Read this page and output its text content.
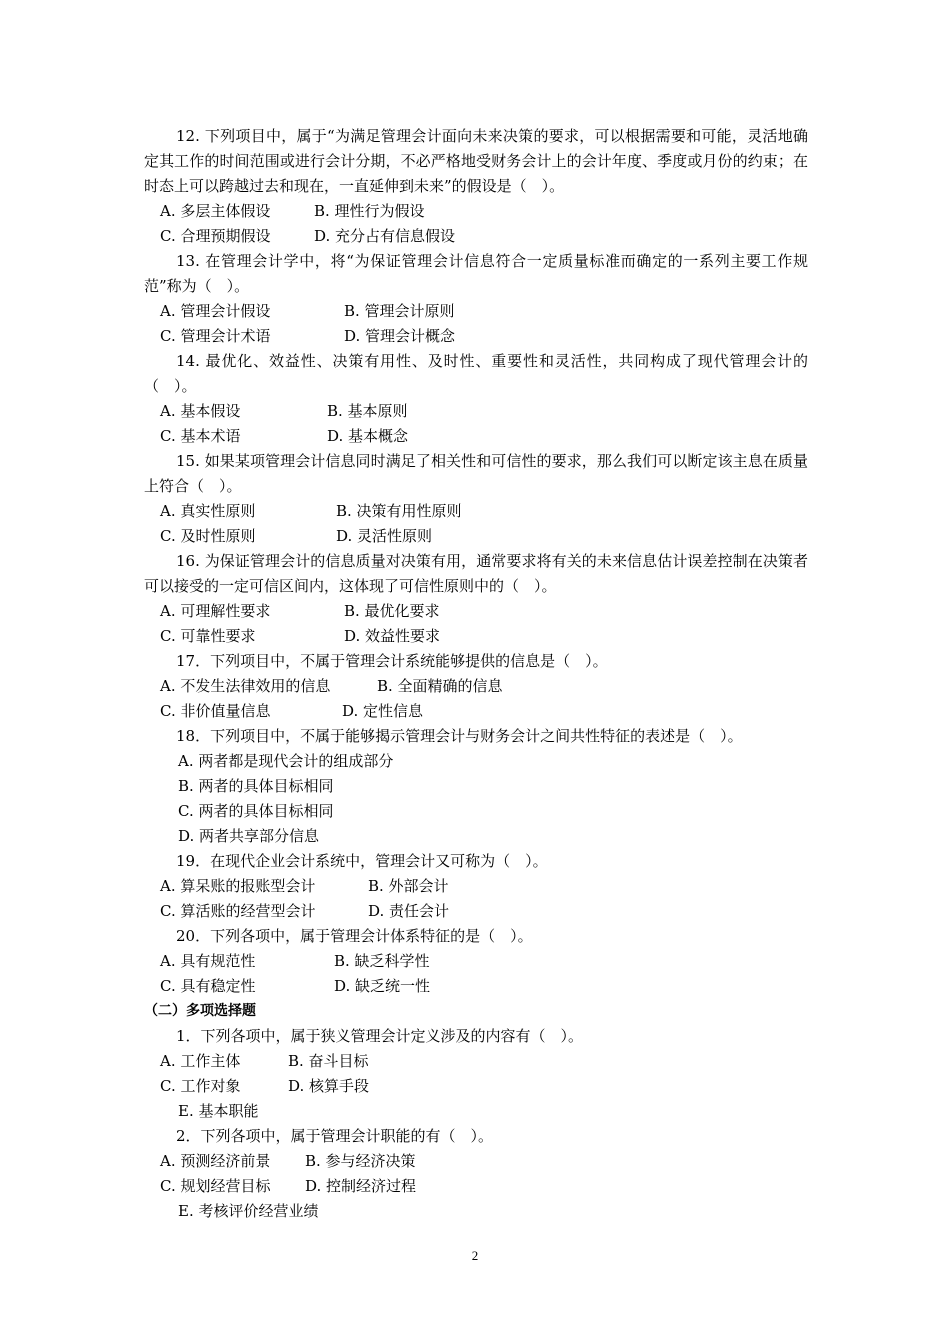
12. 下列项目中，属于“为满足管理会计面向未来决策的要求，可以根据需要和可能，灵活地确定其工作的时间范围或进行会计分期，不必严格地受财务会计上的会计年度、季度或月份的约束；在时态上可以跨越过去和现在，一直延伸到未来”的假设是（　）。

A. 多层主体假设	B. 理性行为假设

C. 合理预期假设	D. 充分占有信息假设

13. 在管理会计学中，将“为保证管理会计信息符合一定质量标准而确定的一系列主要工作规范”称为（　）。

A. 管理会计假设	B. 管理会计原则

C. 管理会计术语	D. 管理会计概念

14. 最优化、效益性、决策有用性、及时性、重要性和灵活性，共同构成了现代管理会计的（　）。

A. 基本假设	B. 基本原则

C. 基本术语	D. 基本概念

15. 如果某项管理会计信息同时满足了相关性和可信性的要求，那么我们可以断定该主息在质量上符合（　）。

A. 真实性原则	B. 决策有用性原则

C. 及时性原则	D. 灵活性原则

16. 为保证管理会计的信息质量对决策有用，通常要求将有关的未来信息估计误差控制在决策者可以接受的一定可信区间内，这体现了可信性原则中的（　）。

A. 可理解性要求	B. 最优化要求

C. 可靠性要求	D. 效益性要求

17．下列项目中，不属于管理会计系统能够提供的信息是（　）。

A. 不发生法律效用的信息	B. 全面精确的信息

C. 非价值量信息	D. 定性信息

18．下列项目中，不属于能够揭示管理会计与财务会计之间共性特征的表述是（　）。

A. 两者都是现代会计的组成部分

B. 两者的具体目标相同

C. 两者的具体目标相同

D. 两者共享部分信息

19．在现代企业会计系统中，管理会计又可称为（　）。

A. 算呆账的报账型会计	B. 外部会计

C. 算活账的经营型会计	D. 责任会计

20．下列各项中，属于管理会计体系特征的是（　）。

A. 具有规范性	B. 缺乏科学性

C. 具有稳定性	D. 缺乏统一性

（二）多项选择题

1．下列各项中，属于狭义管理会计定义涉及的内容有（　）。

A. 工作主体	B. 奋斗目标

C. 工作对象	D. 核算手段

E. 基本职能

2．下列各项中，属于管理会计职能的有（　）。

A. 预测经济前景 B. 参与经济决策

C. 规划经营目标 D. 控制经济过程

E. 考核评价经营业绩

2
